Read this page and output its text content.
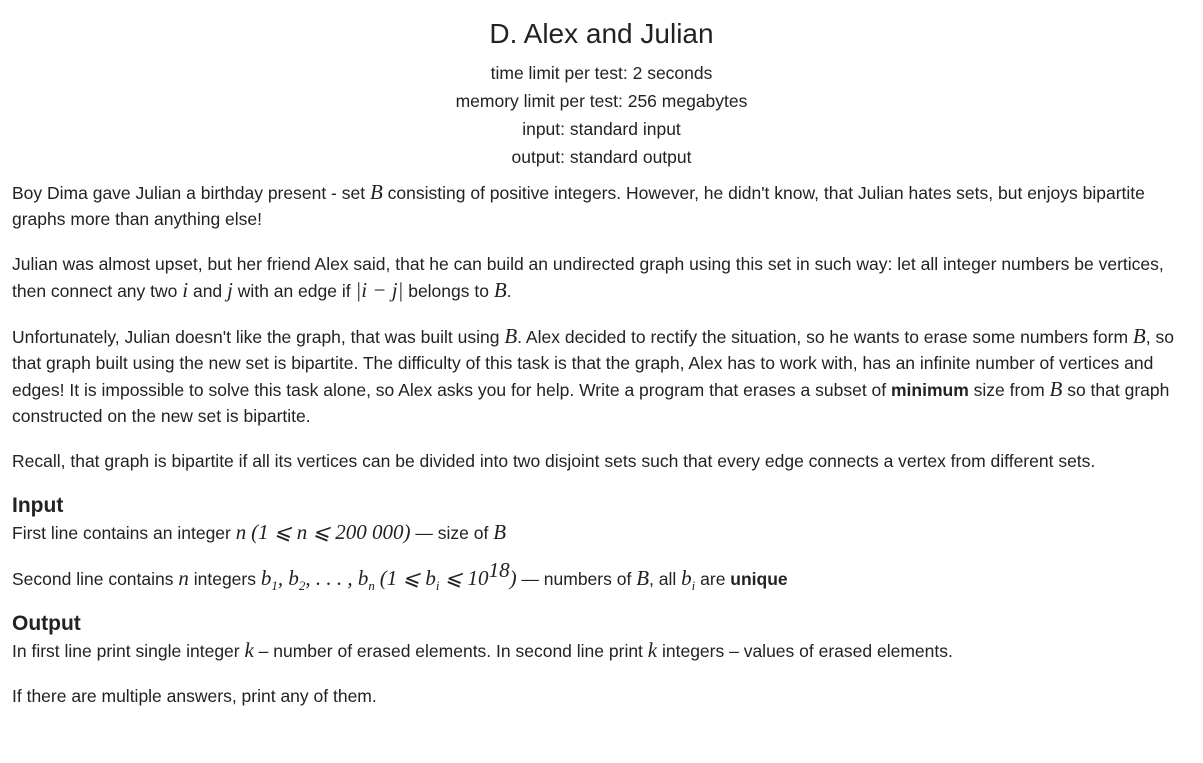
D. Alex and Julian
time limit per test: 2 seconds
memory limit per test: 256 megabytes
input: standard input
output: standard output

Boy Dima gave Julian a birthday present - set B consisting of positive integers. However, he didn't know, that Julian hates sets, but enjoys bipartite graphs more than anything else!

Julian was almost upset, but her friend Alex said, that he can build an undirected graph using this set in such way: let all integer numbers be vertices, then connect any two i and j with an edge if |i − j| belongs to B.

Unfortunately, Julian doesn't like the graph, that was built using B. Alex decided to rectify the situation, so he wants to erase some numbers form B, so that graph built using the new set is bipartite. The difficulty of this task is that the graph, Alex has to work with, has an infinite number of vertices and edges! It is impossible to solve this task alone, so Alex asks you for help. Write a program that erases a subset of minimum size from B so that graph constructed on the new set is bipartite.

Recall, that graph is bipartite if all its vertices can be divided into two disjoint sets such that every edge connects a vertex from different sets.

Input

First line contains an integer n (1 ⩽ n ⩽ 200 000) — size of B

Second line contains n integers $b_1$, $b_2$, . . . , $b_n$ (1 ⩽ $b_i$ ⩽ $10^{18}$) — numbers of B, all $b_i$ are unique

Output

In first line print single integer k – number of erased elements. In second line print k integers – values of erased elements.

If there are multiple answers, print any of them.
